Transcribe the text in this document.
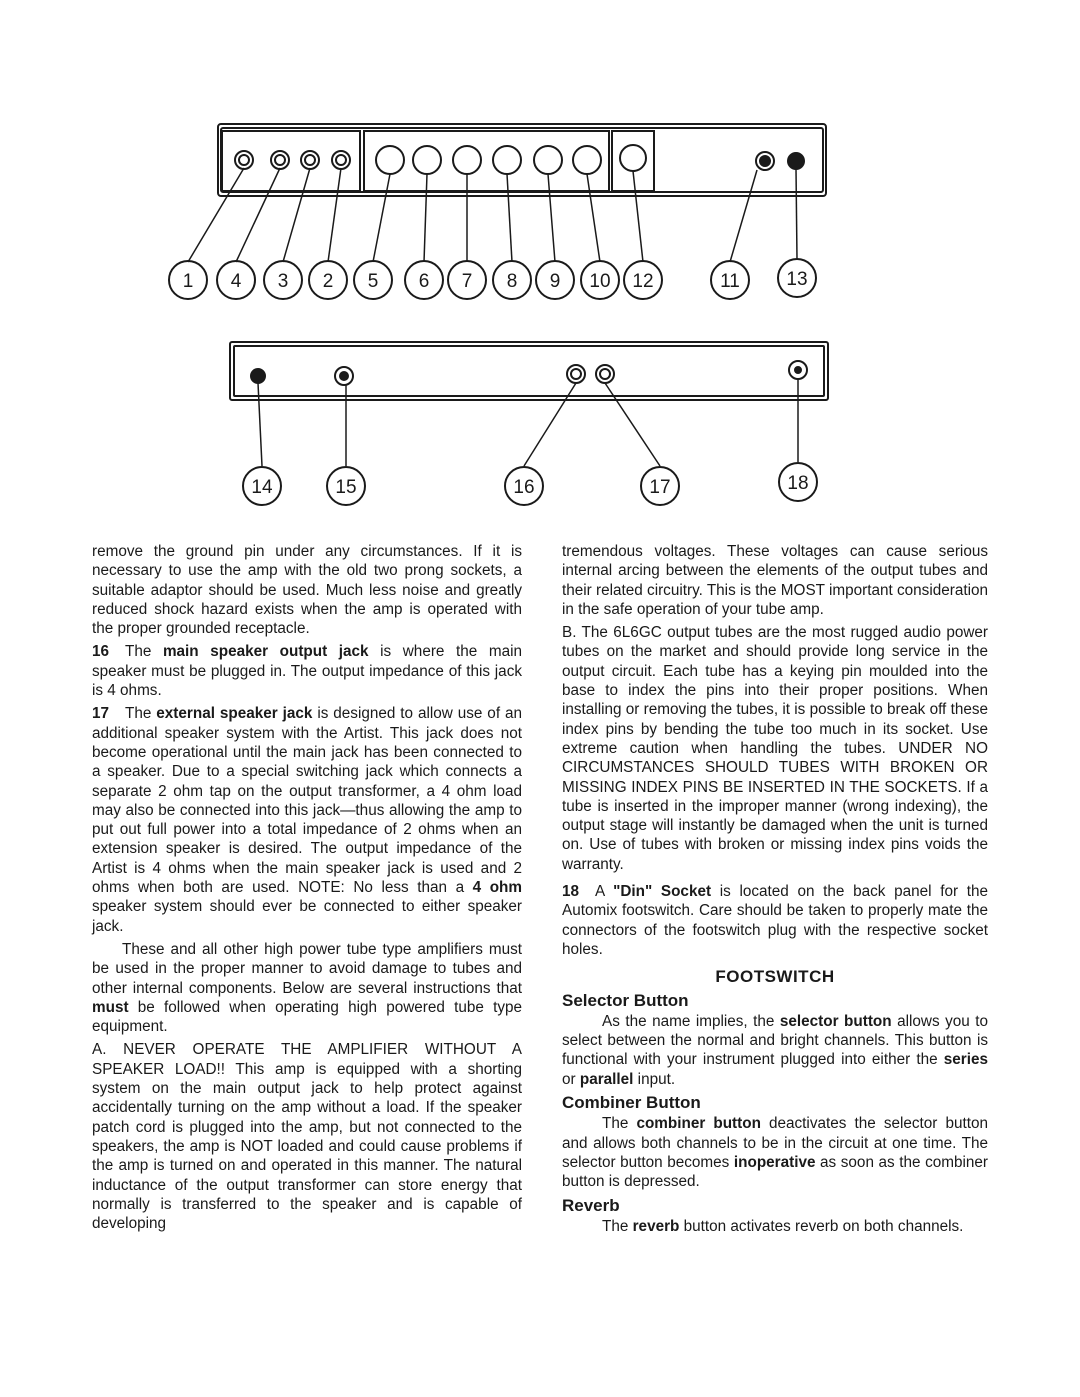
1 4 3 2 5 6 7 8 9 10 12	11 13
14	15	16	17	18

remove the ground pin under any circumstances. If it is necessary to use the amp with the old two prong sockets, a suitable adaptor should be used. Much less noise and greatly reduced shock hazard exists when the amp is operated with the proper grounded receptacle.

16 The main speaker output jack is where the main speaker must be plugged in. The output impedance of this jack is 4 ohms.

17 The external speaker jack is designed to allow use of an additional speaker system with the Artist. This jack does not become operational until the main jack has been connected to a speaker. Due to a special switching jack which connects a separate 2 ohm tap on the output transformer, a 4 ohm load may also be connected into this jack—thus allowing the amp to put out full power into a total impedance of 2 ohms when an extension speaker is desired. The output impedance of the Artist is 4 ohms when the main speaker jack is used and 2 ohms when both are used. NOTE: No less than a 4 ohm speaker system should ever be connected to either speaker jack.

These and all other high power tube type amplifiers must be used in the proper manner to avoid damage to tubes and other internal components. Below are several instructions that must be followed when operating high powered tube type equipment.

A. NEVER OPERATE THE AMPLIFIER WITHOUT A SPEAKER LOAD!! This amp is equipped with a shorting system on the main output jack to help protect against accidentally turning on the amp without a load. If the speaker patch cord is plugged into the amp, but not connected to the speakers, the amp is NOT loaded and could cause problems if the amp is turned on and operated in this manner. The natural inductance of the output transformer can store energy that normally is transferred to the speaker and is capable of developing

tremendous voltages. These voltages can cause serious internal arcing between the elements of the output tubes and their related circuitry. This is the MOST important consideration in the safe operation of your tube amp.

B. The 6L6GC output tubes are the most rugged audio power tubes on the market and should provide long service in the output circuit. Each tube has a keying pin moulded into the base to index the pins into their proper positions. When installing or removing the tubes, it is possible to break off these index pins by bending the tube too much in its socket. Use extreme caution when handling the tubes. UNDER NO CIRCUMSTANCES SHOULD TUBES WITH BROKEN OR MISSING INDEX PINS BE INSERTED IN THE SOCKETS. If a tube is inserted in the improper manner (wrong indexing), the output stage will instantly be damaged when the unit is turned on. Use of tubes with broken or missing index pins voids the warranty.

18 A "Din" Socket is located on the back panel for the Automix footswitch. Care should be taken to properly mate the connectors of the footswitch plug with the respective socket holes.

FOOTSWITCH
Selector Button

As the name implies, the selector button allows you to select between the normal and bright channels. This button is functional with your instrument plugged into either the series or parallel input.

Combiner Button

The combiner button deactivates the selector button and allows both channels to be in the circuit at one time. The selector button becomes inoperative as soon as the combiner button is depressed.

Reverb

The reverb button activates reverb on both channels.
